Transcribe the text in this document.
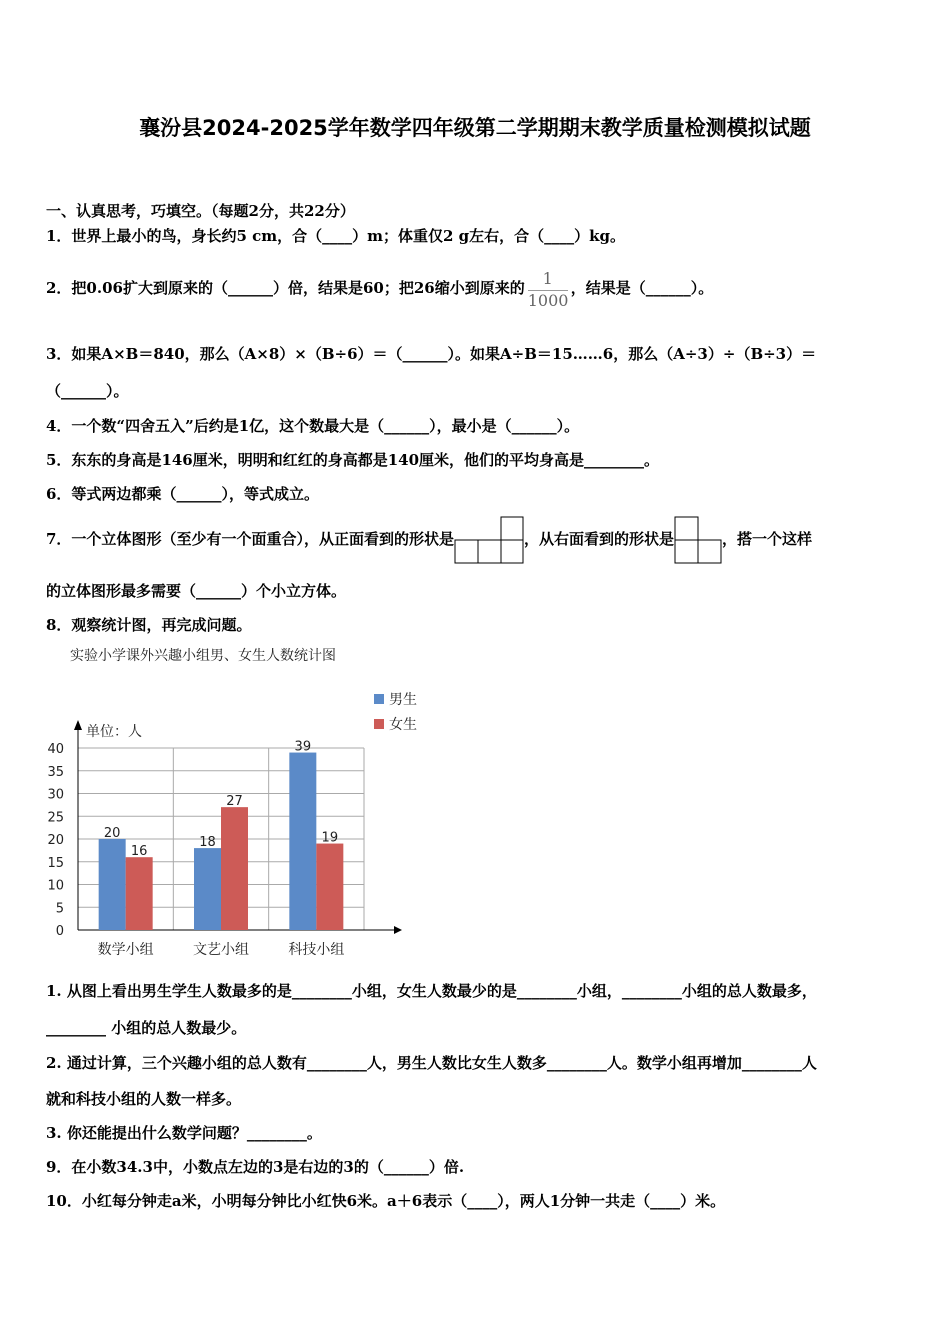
襄汾县2024-2025学年数学四年级第二学期期末教学质量检测模拟试题
一、认真思考，巧填空。（每题2分，共22分）
1．世界上最小的鸟，身长约5 cm，合（____）m；体重仅2 g左右，合（____）kg。
2．把0.06扩大到原来的（______）倍，结果是60；把26缩小到原来的 $\frac{1}{1000}$ ，结果是（______）。
3．如果A×B＝840，那么（A×8）×（B÷6）＝（______）。如果A÷B＝15……6，那么（A÷3）÷（B÷3）＝
（______）。
4．一个数“四舍五入”后约是1亿，这个数最大是（______），最小是（______）。
5．东东的身高是146厘米，明明和红红的身高都是140厘米，他们的平均身高是________。
6．等式两边都乘（______），等式成立。
7．一个立体图形（至少有一个面重合），从正面看到的形状是	，从右面看到的形状是	，搭一个这样
的立体图形最多需要（______）个小立方体。
8．观察统计图，再完成问题。
实验小学课外兴趣小组男、女生人数统计图
0
5
10
15
20
25
30
35
40
单位：人
数学小组
20
16
文艺小组
18
27
科技小组
39
19
男生
女生
1. 从图上看出男生学生人数最多的是________小组，女生人数最少的是________小组，________小组的总人数最多，
________ 小组的总人数最少。
2. 通过计算，三个兴趣小组的总人数有________人，男生人数比女生人数多________人。数学小组再增加________人
就和科技小组的人数一样多。
3. 你还能提出什么数学问题？________。
9．在小数34.3中，小数点左边的3是右边的3的（______）倍.
10．小红每分钟走a米，小明每分钟比小红快6米。a＋6表示（____），两人1分钟一共走（____）米。
